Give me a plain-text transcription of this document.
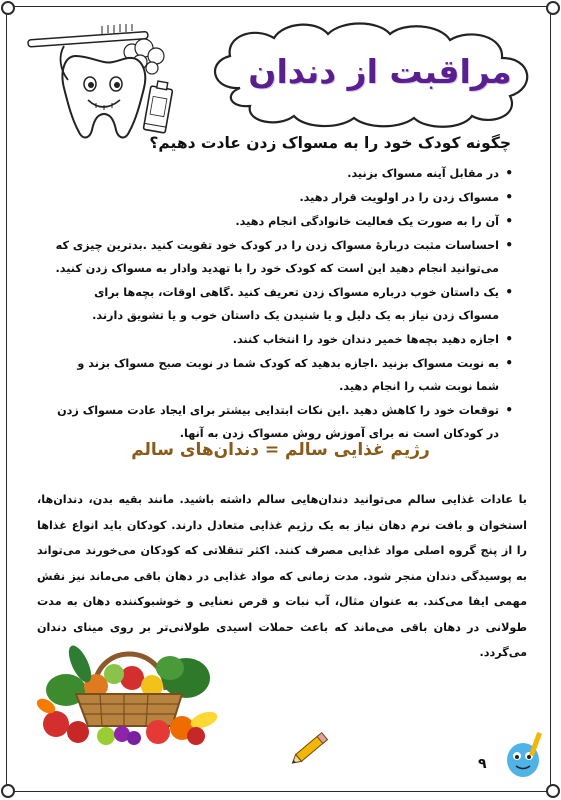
مراقبت از دندان
چگونه کودک خود را به مسواک زدن عادت دهیم؟
• در مقابل آینه مسواک بزنید.
• مسواک زدن را در اولویت قرار دهید.
• آن را به صورت یک فعالیت خانوادگی انجام دهید.
• احساسات مثبت دربارهٔ مسواک زدن را در کودک خود تقویت کنید .بدترین چیزی که می‌توانید انجام دهید این است که کودک خود را با تهدید وادار به مسواک زدن کنید.
• یک داستان خوب درباره مسواک زدن تعریف کنید .گاهی اوقات، بچه‌ها برای مسواک زدن نیاز به یک دلیل و یا شنیدن یک داستان خوب و یا تشویق دارند.
• اجازه دهید بچه‌ها خمیر دندان خود را انتخاب کنند.
• به نوبت مسواک بزنید .اجازه بدهید که کودک شما در نوبت صبح مسواک بزند و شما نوبت شب را انجام دهید.
• توقعات خود را کاهش دهید .این نکات ابتدایی بیشتر برای ایجاد عادت مسواک زدن در کودکان است نه برای آموزش روش مسواک زدن به آنها.
رژیم غذایی سالم = دندان‌های سالم

با عادات غذایی سالم می‌توانید دندان‌هایی سالم داشته باشید. مانند بقیه بدن، دندان‌ها، استخوان و بافت نرم دهان نیاز به یک رژیم غذایی متعادل دارند. کودکان باید انواع غذاها را از پنج گروه اصلی مواد غذایی مصرف کنند. اکثر تنقلاتی که کودکان می‌خورند می‌تواند به پوسیدگی دندان منجر شود. مدت زمانی که مواد غذایی در دهان باقی می‌ماند نیز نقش مهمی ایفا می‌کند. به عنوان مثال، آب نبات و قرص نعنایی و خوشبوکننده دهان به مدت طولانی در دهان باقی می‌ماند که باعث حملات اسیدی طولانی‌تر بر روی مینای دندان می‌گردد.

۹
